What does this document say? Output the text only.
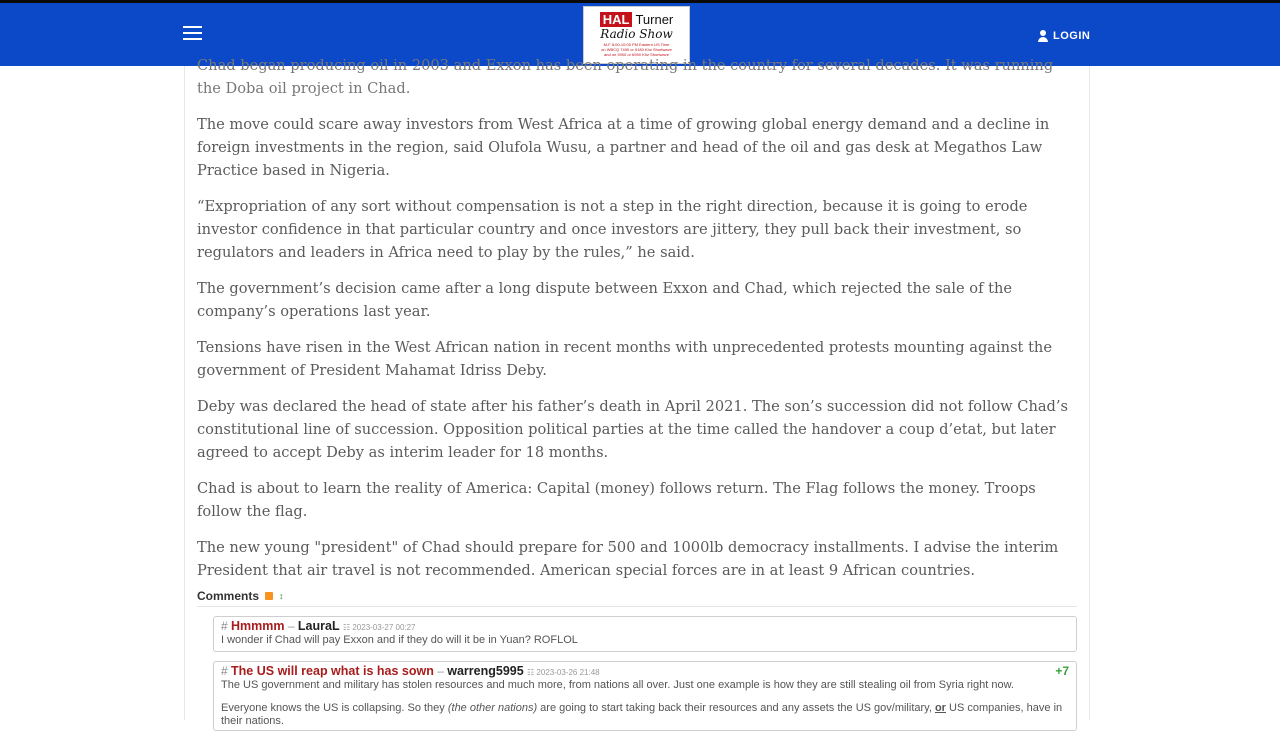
HAL Turner
Radio Show
M-F 8:00-10:00 PM Eastern US Time
on WBCQ 7490 or 9180 Khz Shortwave
and on 3900 or 6950 Khz Shortwave
LOGIN

Chad began producing oil in 2003 and Exxon has been operating in the country for several decades. It was running the Doba oil project in Chad.

The move could scare away investors from West Africa at a time of growing global energy demand and a decline in foreign investments in the region, said Olufola Wusu, a partner and head of the oil and gas desk at Megathos Law Practice based in Nigeria.

“Expropriation of any sort without compensation is not a step in the right direction, because it is going to erode investor confidence in that particular country and once investors are jittery, they pull back their investment, so regulators and leaders in Africa need to play by the rules,” he said.

The government’s decision came after a long dispute between Exxon and Chad, which rejected the sale of the company’s operations last year.

Tensions have risen in the West African nation in recent months with unprecedented protests mounting against the government of President Mahamat Idriss Deby.

Deby was declared the head of state after his father’s death in April 2021. The son’s succession did not follow Chad’s constitutional line of succession. Opposition political parties at the time called the handover a coup d’etat, but later agreed to accept Deby as interim leader for 18 months.

Chad is about to learn the reality of America: Capital (money) follows return. The Flag follows the money. Troops follow the flag.

The new young "president" of Chad should prepare for 500 and 1000lb democracy installments. I advise the interim President that air travel is not recommended. American special forces are in at least 9 African countries.

Comments ↕
# Hmmmm – LauraL ☷ 2023-03-27 00:27
I wonder if Chad will pay Exxon and if they do will it be in Yuan? ROFLOL
# The US will reap what is has sown – warreng5995 ☷ 2023-03-26 21:48	+7
The US government and military has stolen resources and much more, from nations all over. Just one example is how they are still stealing oil from Syria right now.
Everyone knows the US is collapsing. So they (the other nations) are going to start taking back their resources and any assets the US gov/military, or US companies, have in their nations.
